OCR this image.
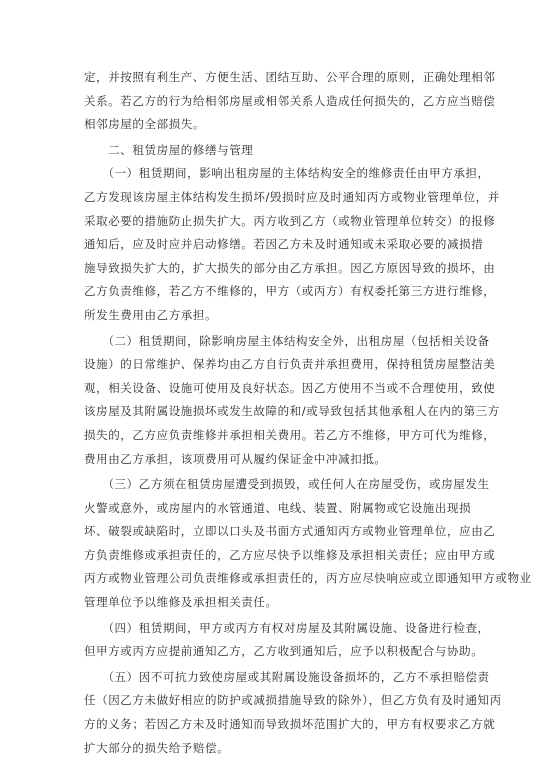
定，并按照有利生产、方便生活、团结互助、公平合理的原则，正确处理相邻
关系。若乙方的行为给相邻房屋或相邻关系人造成任何损失的，乙方应当赔偿
相邻房屋的全部损失。
　　二、租赁房屋的修缮与管理
　　（一）租赁期间，影响出租房屋的主体结构安全的维修责任由甲方承担，
乙方发现该房屋主体结构发生损坏/毁损时应及时通知丙方或物业管理单位，并
采取必要的措施防止损失扩大。丙方收到乙方（或物业管理单位转交）的报修
通知后，应及时应并启动修缮。若因乙方未及时通知或未采取必要的减损措
施导致损失扩大的，扩大损失的部分由乙方承担。因乙方原因导致的损坏，由
乙方负责维修，若乙方不维修的，甲方（或丙方）有权委托第三方进行维修，
所发生费用由乙方承担。
　　（二）租赁期间，除影响房屋主体结构安全外，出租房屋（包括相关设备
设施）的日常维护、保养均由乙方自行负责并承担费用，保持租赁房屋整洁美
观，相关设备、设施可使用及良好状态。因乙方使用不当或不合理使用，致使
该房屋及其附属设施损坏或发生故障的和/或导致包括其他承租人在内的第三方
损失的，乙方应负责维修并承担相关费用。若乙方不维修，甲方可代为维修，
费用由乙方承担，该项费用可从履约保证金中冲减扣抵。
　　（三）乙方须在租赁房屋遭受到损毁，或任何人在房屋受伤，或房屋发生
火警或意外，或房屋内的水管通道、电线、装置、附属物或它设施出现损
坏、破裂或缺陷时，立即以口头及书面方式通知丙方或物业管理单位，应由乙
方负责维修或承担责任的，乙方应尽快予以维修及承担相关责任；应由甲方或
丙方或物业管理公司负责维修或承担责任的，丙方应尽快响应或立即通知甲方或物业
管理单位予以维修及承担相关责任。
　　（四）租赁期间，甲方或丙方有权对房屋及其附属设施、设备进行检查，
但甲方或丙方应提前通知乙方，乙方收到通知后，应予以积极配合与协助。
　　（五）因不可抗力致使房屋或其附属设施设备损坏的，乙方不承担赔偿责
任（因乙方未做好相应的防护或减损措施导致的除外），但乙方负有及时通知丙
方的义务；若因乙方未及时通知而导致损坏范围扩大的，甲方有权要求乙方就
扩大部分的损失给予赔偿。
